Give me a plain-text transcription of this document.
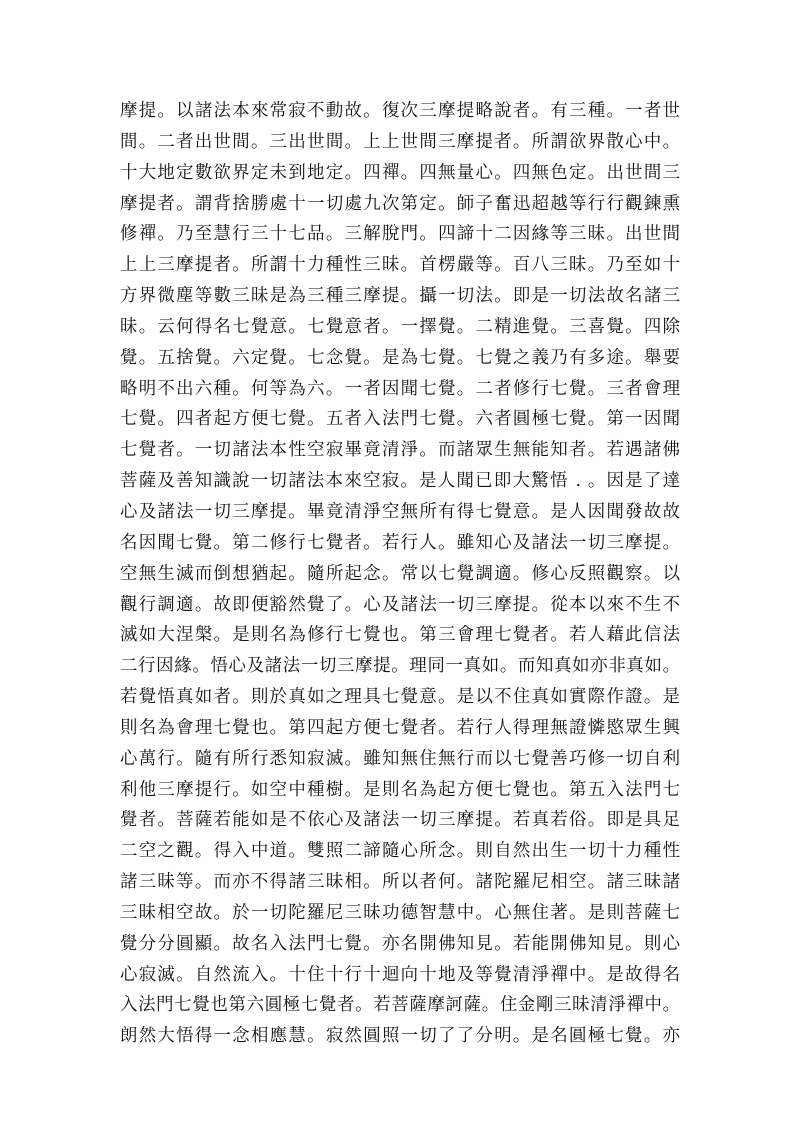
摩提。以諸法本來常寂不動故。復次三摩提略說者。有三種。一者世
間。二者出世間。三出世間。上上世間三摩提者。所謂欲界散心中。
十大地定數欲界定未到地定。四禪。四無量心。四無色定。出世間三
摩提者。謂背捨勝處十一切處九次第定。師子奮迅超越等行行觀鍊熏
修禪。乃至慧行三十七品。三解脫門。四諦十二因緣等三昧。出世間
上上三摩提者。所謂十力種性三昧。首楞嚴等。百八三昧。乃至如十
方界微塵等數三昧是為三種三摩提。攝一切法。即是一切法故名諸三
昧。云何得名七覺意。七覺意者。一擇覺。二精進覺。三喜覺。四除
覺。五捨覺。六定覺。七念覺。是為七覺。七覺之義乃有多途。舉要
略明不出六種。何等為六。一者因聞七覺。二者修行七覺。三者會理
七覺。四者起方便七覺。五者入法門七覺。六者圓極七覺。第一因聞
七覺者。一切諸法本性空寂畢竟清淨。而諸眾生無能知者。若遇諸佛
菩薩及善知識說一切諸法本來空寂。是人聞已即大驚悟 . 。因是了達
心及諸法一切三摩提。畢竟清淨空無所有得七覺意。是人因聞發故故
名因聞七覺。第二修行七覺者。若行人。雖知心及諸法一切三摩提。
空無生滅而倒想猶起。隨所起念。常以七覺調適。修心反照觀察。以
觀行調適。故即便豁然覺了。心及諸法一切三摩提。從本以來不生不
滅如大涅槃。是則名為修行七覺也。第三會理七覺者。若人藉此信法
二行因緣。悟心及諸法一切三摩提。理同一真如。而知真如亦非真如。
若覺悟真如者。則於真如之理具七覺意。是以不住真如實際作證。是
則名為會理七覺也。第四起方便七覺者。若行人得理無證憐愍眾生興
心萬行。隨有所行悉知寂滅。雖知無住無行而以七覺善巧修一切自利
利他三摩提行。如空中種樹。是則名為起方便七覺也。第五入法門七
覺者。菩薩若能如是不依心及諸法一切三摩提。若真若俗。即是具足
二空之觀。得入中道。雙照二諦隨心所念。則自然出生一切十力種性
諸三昧等。而亦不得諸三昧相。所以者何。諸陀羅尼相空。諸三昧諸
三昧相空故。於一切陀羅尼三昧功德智慧中。心無住著。是則菩薩七
覺分分圓顯。故名入法門七覺。亦名開佛知見。若能開佛知見。則心
心寂滅。自然流入。十住十行十迴向十地及等覺清淨禪中。是故得名
入法門七覺也第六圓極七覺者。若菩薩摩訶薩。住金剛三昧清淨禪中。
朗然大悟得一念相應慧。寂然圓照一切了了分明。是名圓極七覺。亦
